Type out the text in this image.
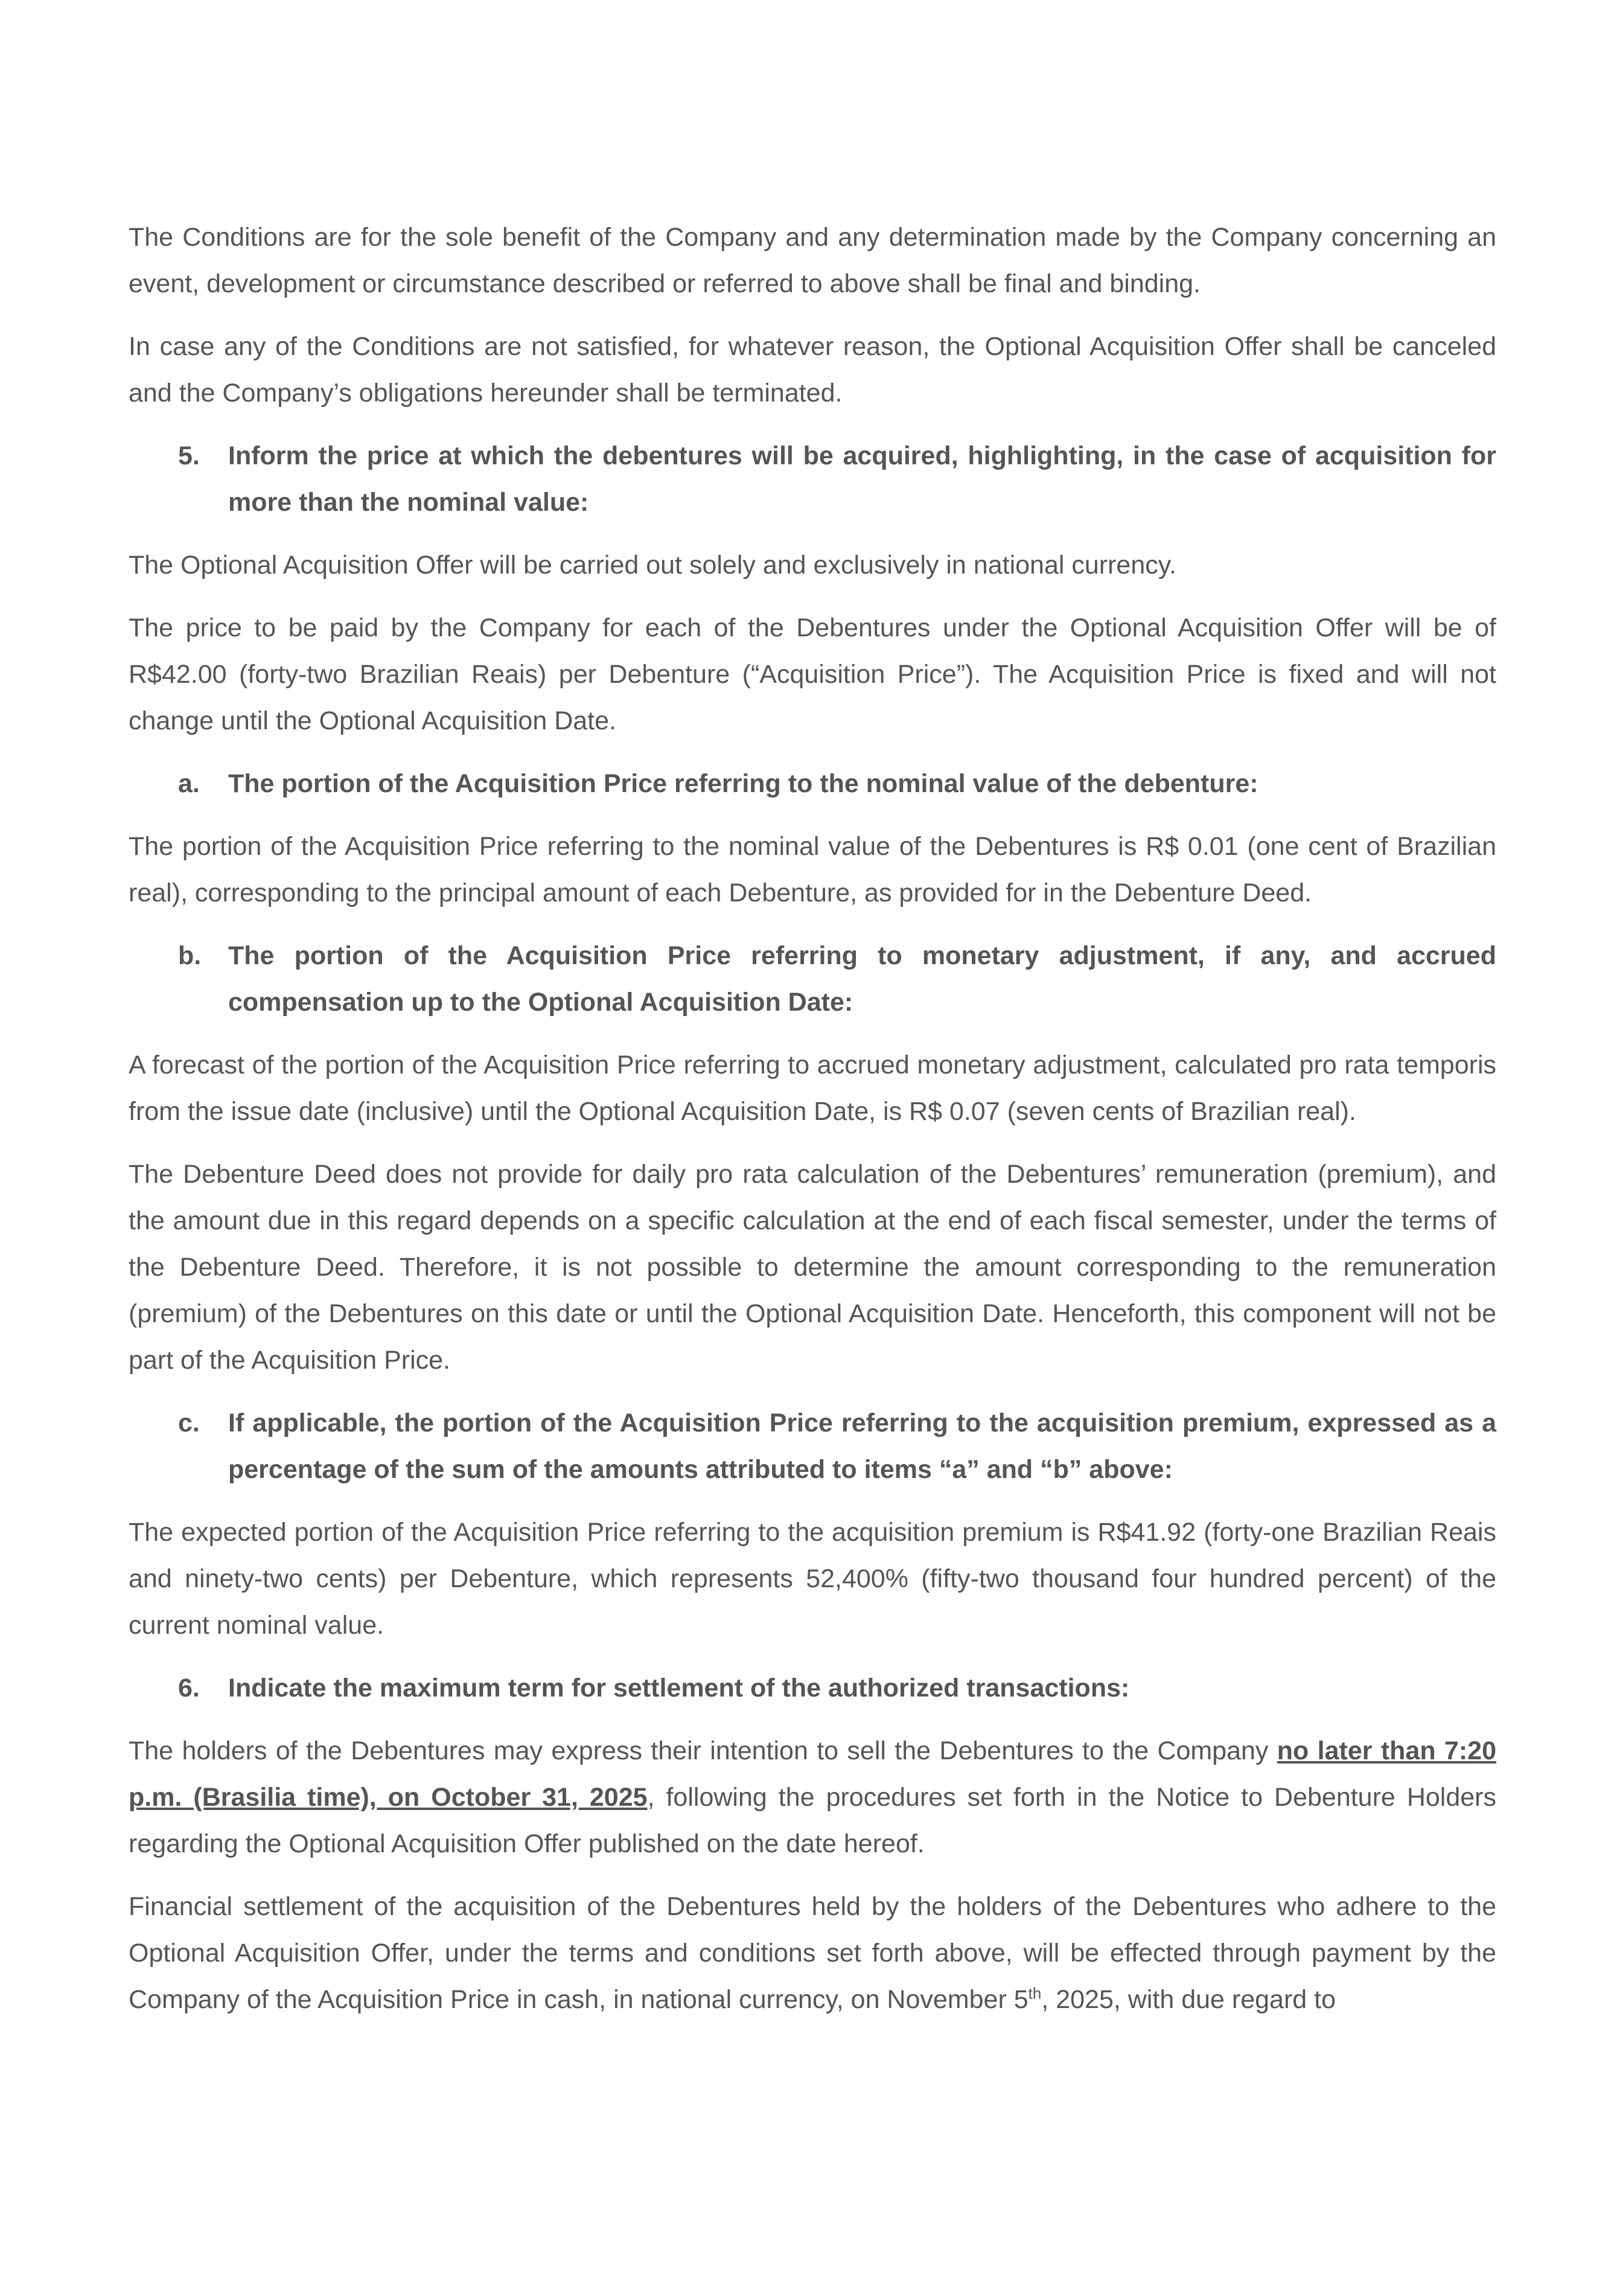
The Conditions are for the sole benefit of the Company and any determination made by the Company concerning an event, development or circumstance described or referred to above shall be final and binding.

In case any of the Conditions are not satisfied, for whatever reason, the Optional Acquisition Offer shall be canceled and the Company’s obligations hereunder shall be terminated.

5.	Inform the price at which the debentures will be acquired, highlighting, in the case of acquisition for more than the nominal value:

The Optional Acquisition Offer will be carried out solely and exclusively in national currency.

The price to be paid by the Company for each of the Debentures under the Optional Acquisition Offer will be of R$42.00 (forty-two Brazilian Reais) per Debenture (“Acquisition Price”). The Acquisition Price is fixed and will not change until the Optional Acquisition Date.

a.	The portion of the Acquisition Price referring to the nominal value of the debenture:

The portion of the Acquisition Price referring to the nominal value of the Debentures is R$ 0.01 (one cent of Brazilian real), corresponding to the principal amount of each Debenture, as provided for in the Debenture Deed.

b.	The portion of the Acquisition Price referring to monetary adjustment, if any, and accrued compensation up to the Optional Acquisition Date:

A forecast of the portion of the Acquisition Price referring to accrued monetary adjustment, calculated pro rata temporis from the issue date (inclusive) until the Optional Acquisition Date, is R$ 0.07 (seven cents of Brazilian real).

The Debenture Deed does not provide for daily pro rata calculation of the Debentures’ remuneration (premium), and the amount due in this regard depends on a specific calculation at the end of each fiscal semester, under the terms of the Debenture Deed. Therefore, it is not possible to determine the amount corresponding to the remuneration (premium) of the Debentures on this date or until the Optional Acquisition Date. Henceforth, this component will not be part of the Acquisition Price.

c.	If applicable, the portion of the Acquisition Price referring to the acquisition premium, expressed as a percentage of the sum of the amounts attributed to items “a” and “b” above:

The expected portion of the Acquisition Price referring to the acquisition premium is R$41.92 (forty-one Brazilian Reais and ninety-two cents) per Debenture, which represents 52,400% (fifty-two thousand four hundred percent) of the current nominal value.

6.	Indicate the maximum term for settlement of the authorized transactions:

The holders of the Debentures may express their intention to sell the Debentures to the Company no later than 7:20 p.m. (Brasilia time), on October 31, 2025, following the procedures set forth in the Notice to Debenture Holders regarding the Optional Acquisition Offer published on the date hereof.

Financial settlement of the acquisition of the Debentures held by the holders of the Debentures who adhere to the Optional Acquisition Offer, under the terms and conditions set forth above, will be effected through payment by the Company of the Acquisition Price in cash, in national currency, on November 5th, 2025, with due regard to
